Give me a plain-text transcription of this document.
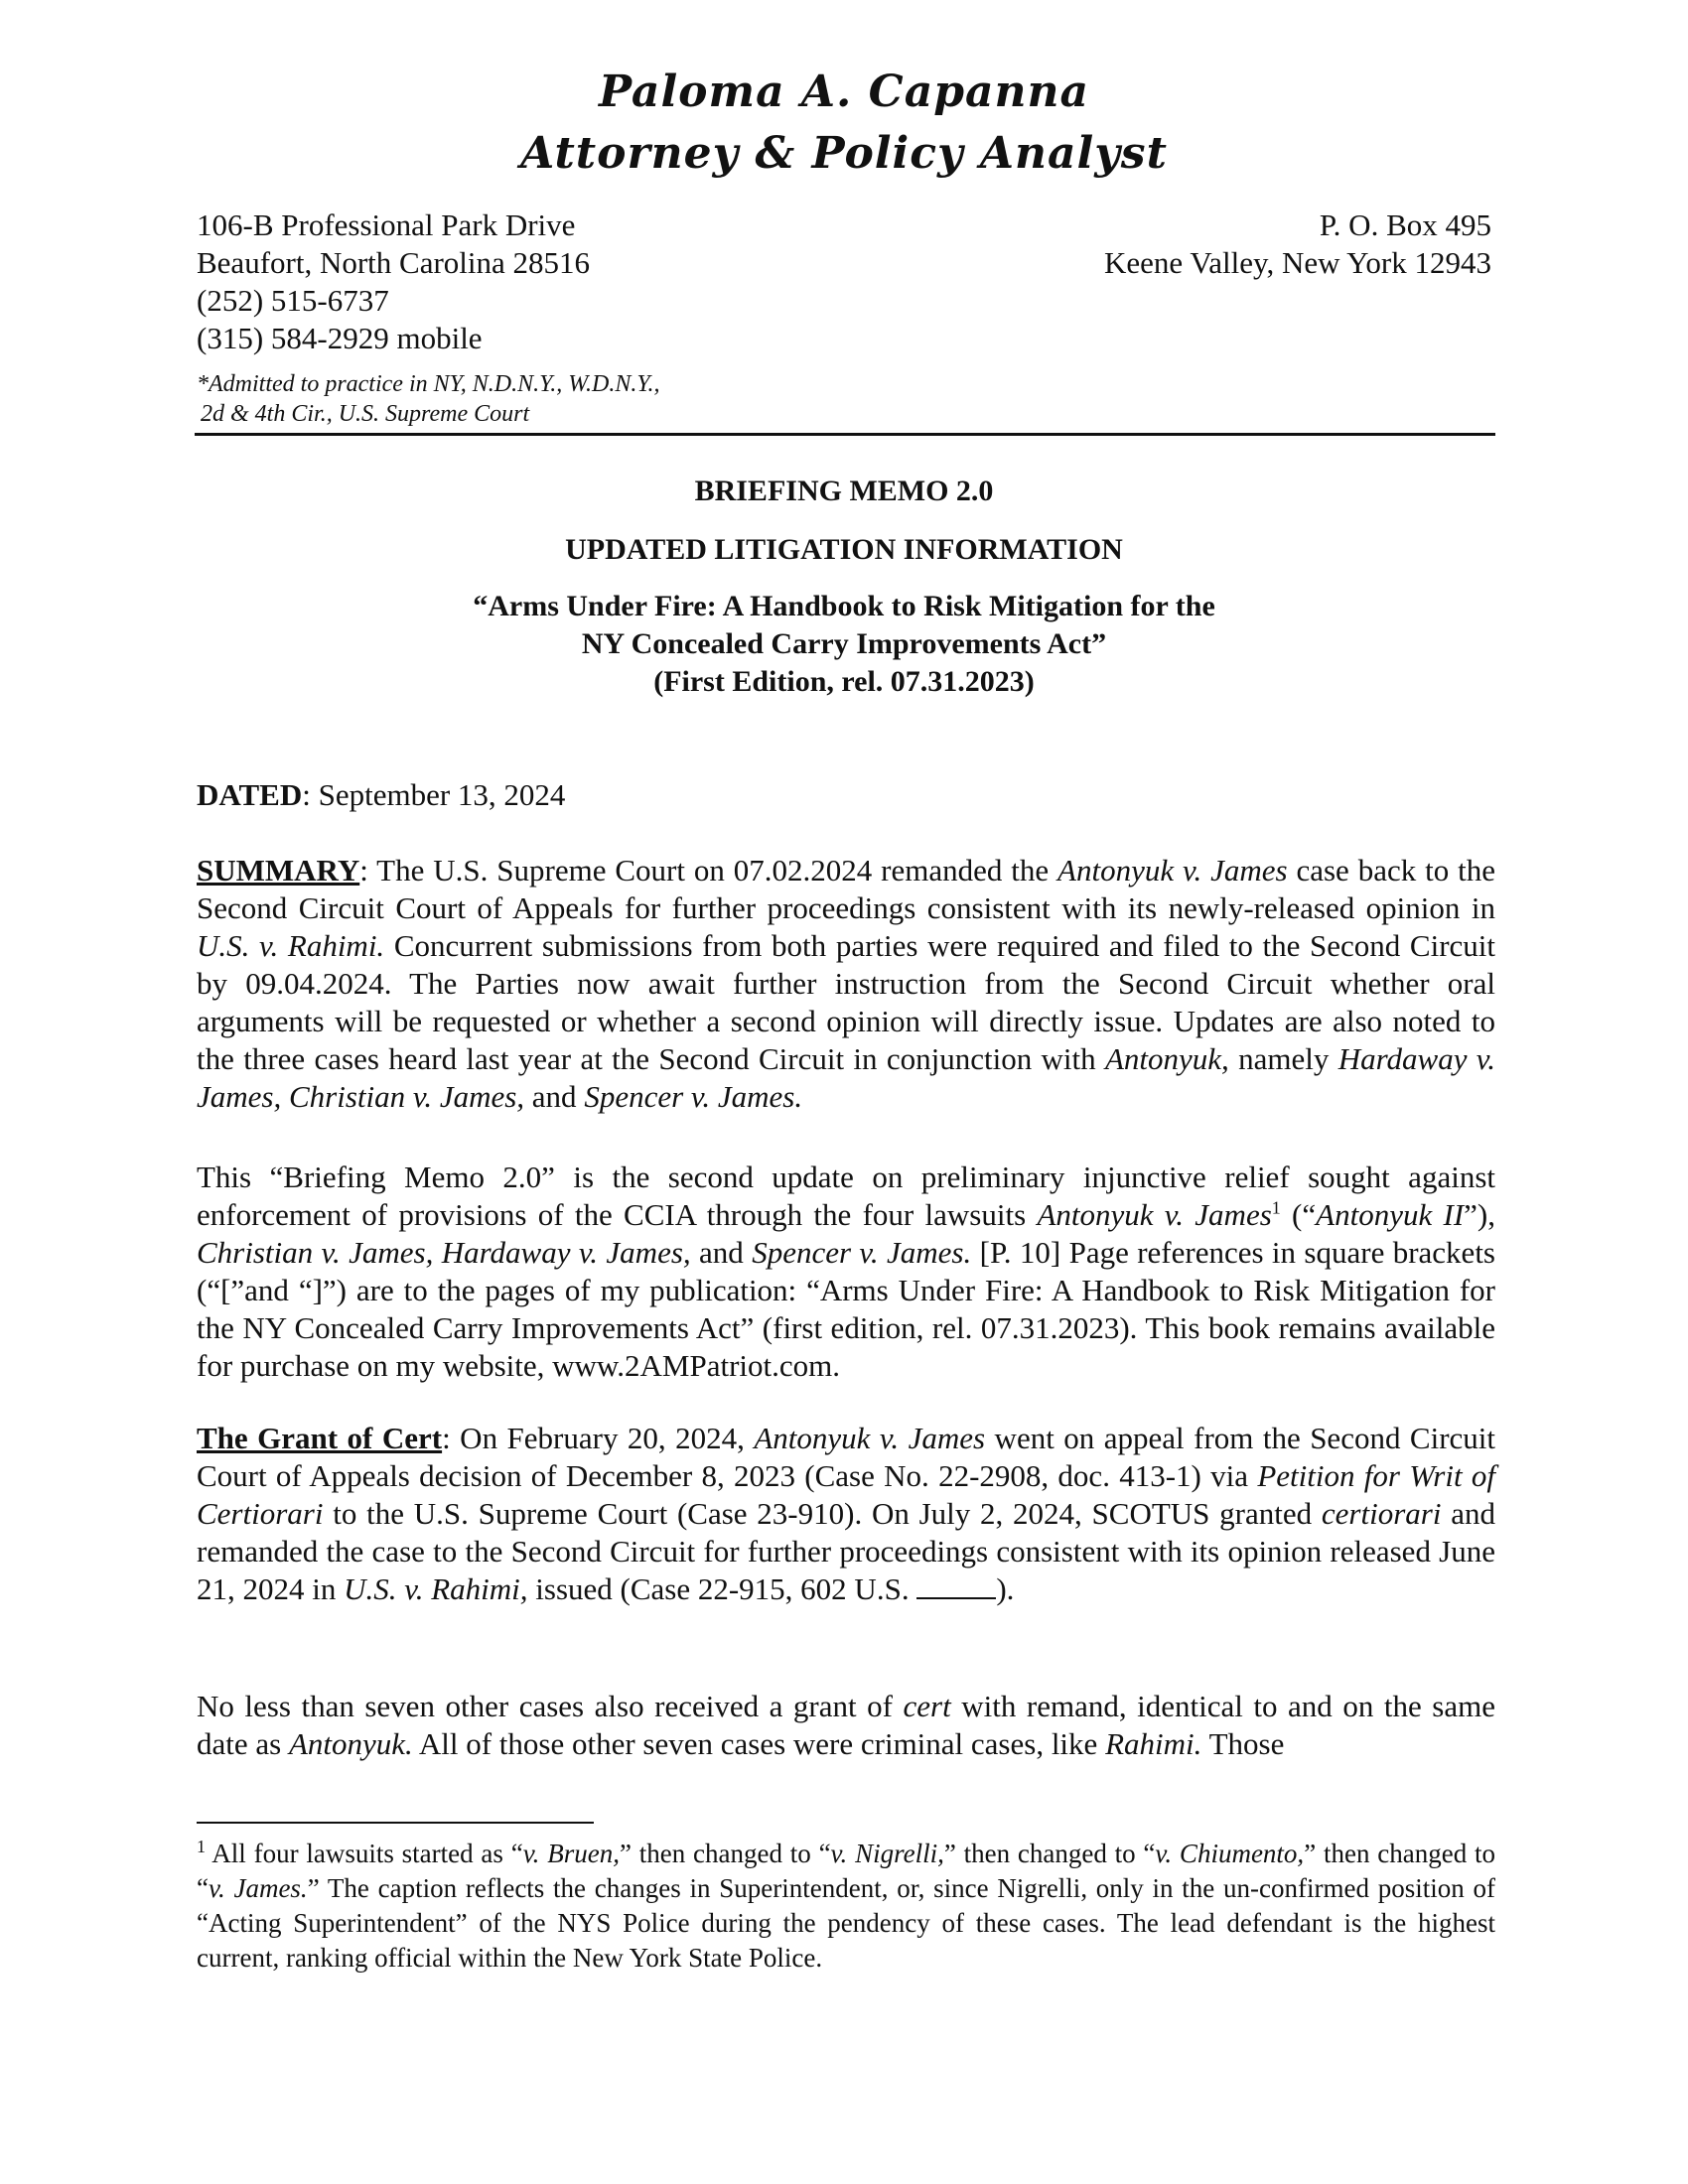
Paloma A. Capanna
Attorney & Policy Analyst
106-B Professional Park Drive
Beaufort, North Carolina 28516
(252) 515-6737
(315) 584-2929 mobile
P. O. Box 495
Keene Valley, New York 12943
*Admitted to practice in NY, N.D.N.Y., W.D.N.Y.,
2d & 4th Cir., U.S. Supreme Court
BRIEFING MEMO 2.0
UPDATED LITIGATION INFORMATION
“Arms Under Fire: A Handbook to Risk Mitigation for the
NY Concealed Carry Improvements Act”
(First Edition, rel. 07.31.2023)
DATED: September 13, 2024
SUMMARY: The U.S. Supreme Court on 07.02.2024 remanded the Antonyuk v. James case back to the Second Circuit Court of Appeals for further proceedings consistent with its newly-released opinion in U.S. v. Rahimi. Concurrent submissions from both parties were required and filed to the Second Circuit by 09.04.2024. The Parties now await further instruction from the Second Circuit whether oral arguments will be requested or whether a second opinion will directly issue. Updates are also noted to the three cases heard last year at the Second Circuit in conjunction with Antonyuk, namely Hardaway v. James, Christian v. James, and Spencer v. James.
This “Briefing Memo 2.0” is the second update on preliminary injunctive relief sought against enforcement of provisions of the CCIA through the four lawsuits Antonyuk v. James$^1$ (“Antonyuk II”), Christian v. James, Hardaway v. James, and Spencer v. James. [P. 10] Page references in square brackets (“[”and “]”) are to the pages of my publication: “Arms Under Fire: A Handbook to Risk Mitigation for the NY Concealed Carry Improvements Act” (first edition, rel. 07.31.2023). This book remains available for purchase on my website, www.2AMPatriot.com.
The Grant of Cert: On February 20, 2024, Antonyuk v. James went on appeal from the Second Circuit Court of Appeals decision of December 8, 2023 (Case No. 22-2908, doc. 413-1) via Petition for Writ of Certiorari to the U.S. Supreme Court (Case 23-910). On July 2, 2024, SCOTUS granted certiorari and remanded the case to the Second Circuit for further proceedings consistent with its opinion released June 21, 2024 in U.S. v. Rahimi, issued (Case 22-915, 602 U.S.	).
No less than seven other cases also received a grant of cert with remand, identical to and on the same date as Antonyuk. All of those other seven cases were criminal cases, like Rahimi. Those
$^1$ All four lawsuits started as “v. Bruen,” then changed to “v. Nigrelli,” then changed to “v. Chiumento,” then changed to “v. James.” The caption reflects the changes in Superintendent, or, since Nigrelli, only in the un-confirmed position of “Acting Superintendent” of the NYS Police during the pendency of these cases. The lead defendant is the highest current, ranking official within the New York State Police.
